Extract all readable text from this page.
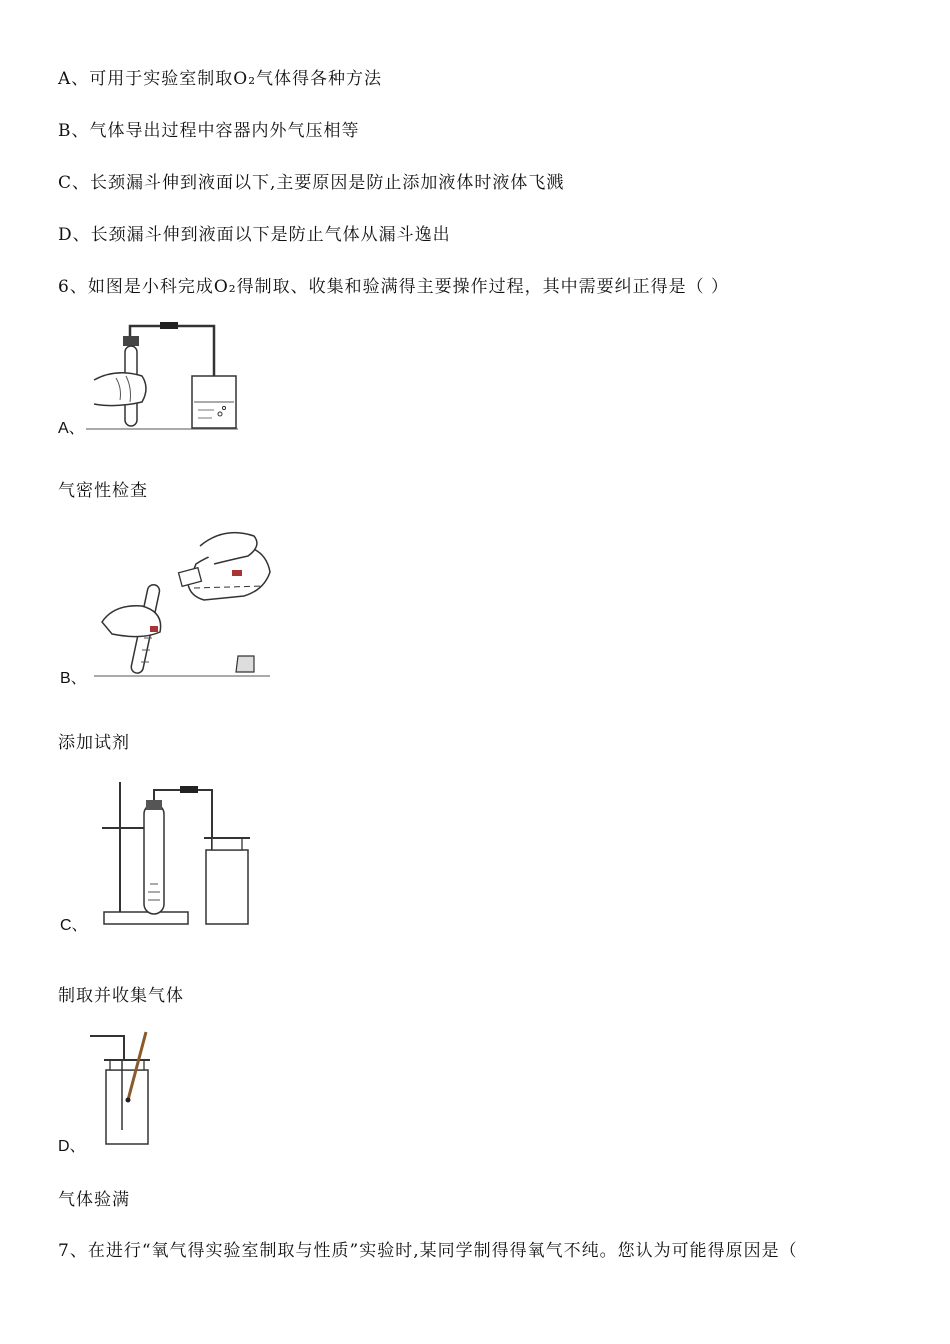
A、可用于实验室制取O₂气体得各种方法
B、气体导出过程中容器内外气压相等
C、长颈漏斗伸到液面以下,主要原因是防止添加液体时液体飞溅
D、长颈漏斗伸到液面以下是防止气体从漏斗逸出
6、如图是小科完成O₂得制取、收集和验满得主要操作过程，其中需要纠正得是（ ）
A、
气密性检查
B、
添加试剂
C、
制取并收集气体
D、
气体验满
7、在进行“氧气得实验室制取与性质”实验时,某同学制得得氧气不纯。您认为可能得原因是（
